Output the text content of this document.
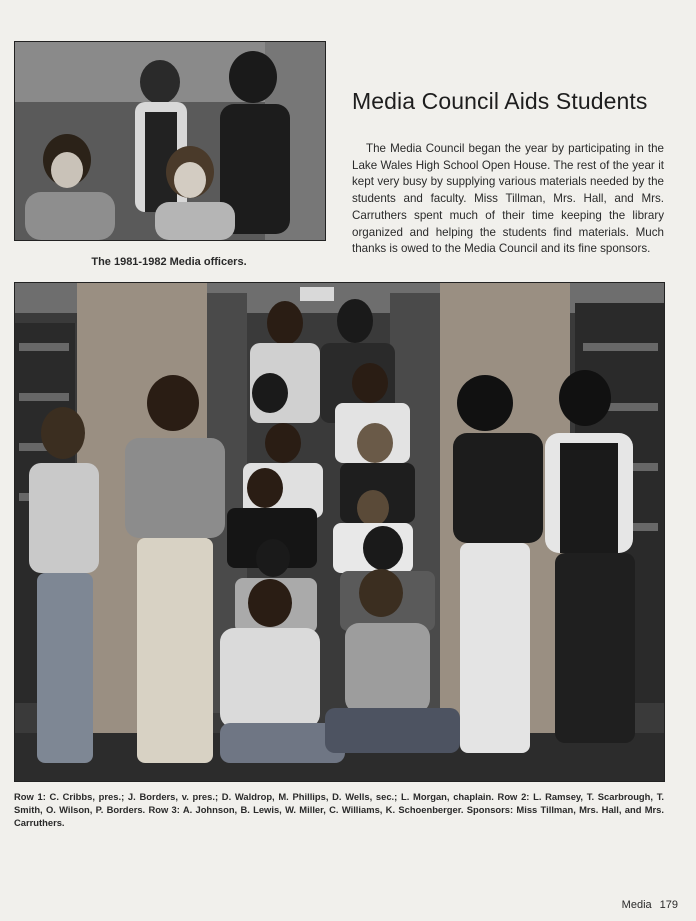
The 1981-1982 Media officers.
Media Council Aids Students

The Media Council began the year by participating in the Lake Wales High School Open House. The rest of the year it kept very busy by supplying various materials needed by the students and faculty. Miss Tillman, Mrs. Hall, and Mrs. Carruthers spent much of their time keeping the library organized and helping the students find materials. Much thanks is owed to the Media Council and its fine sponsors.

Row 1: C. Cribbs, pres.; J. Borders, v. pres.; D. Waldrop, M. Phillips, D. Wells, sec.; L. Morgan, chaplain. Row 2: L. Ramsey, T. Scarbrough, T. Smith, O. Wilson, P. Borders. Row 3: A. Johnson, B. Lewis, W. Miller, C. Williams, K. Schoenberger. Sponsors: Miss Tillman, Mrs. Hall, and Mrs. Carruthers.

Media 179
